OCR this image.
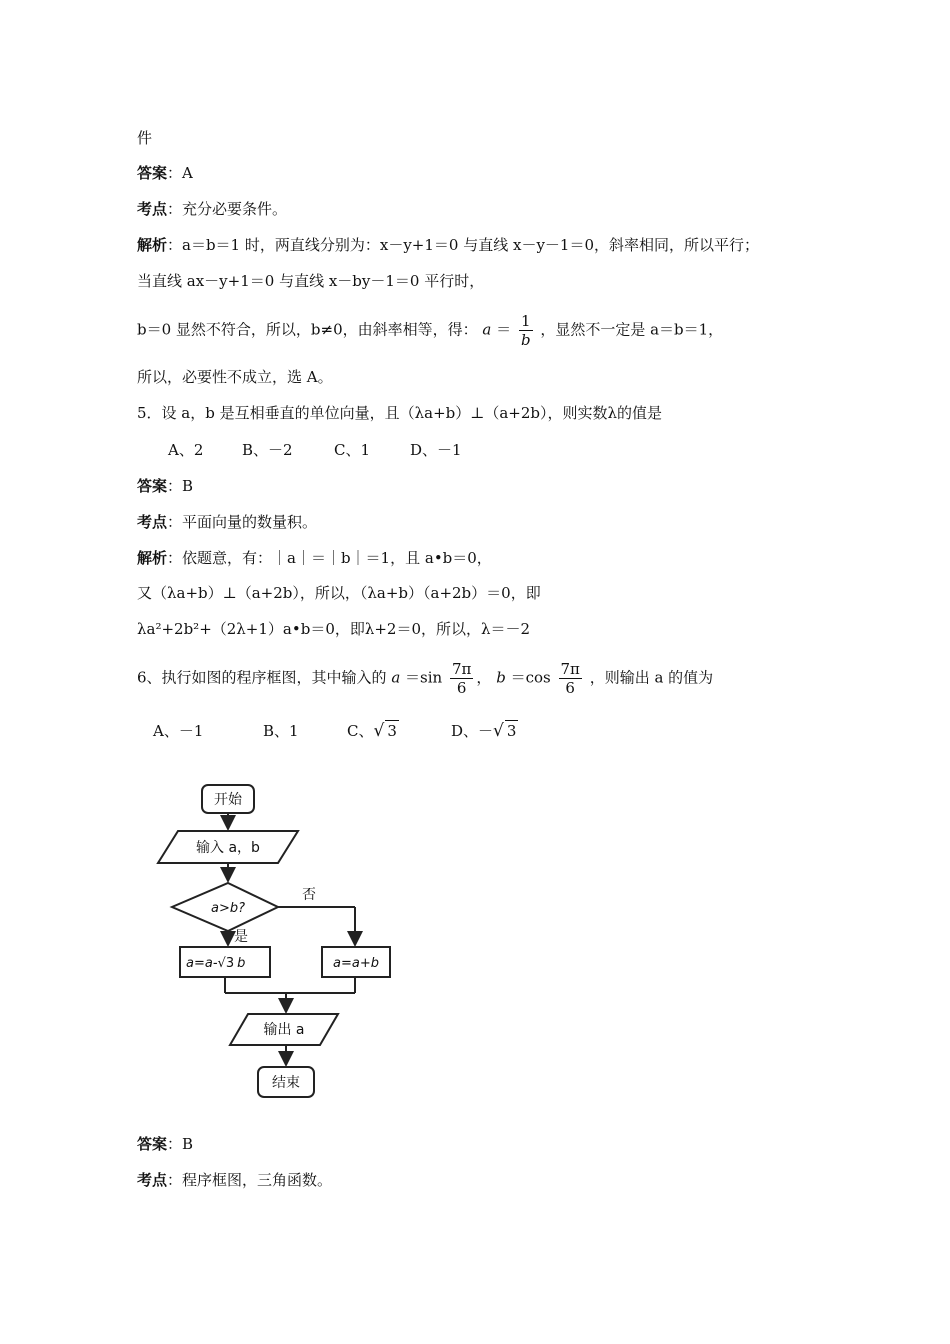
件
答案：A
考点：充分必要条件。
解析：a＝b＝1 时，两直线分别为：x－y+1＝0 与直线 x－y－1＝0，斜率相同，所以平行；
当直线 ax－y+1＝0 与直线 x－by－1＝0 平行时，
b＝0 显然不符合，所以，b≠0，由斜率相等，得： $a = \frac{1}{b}$ ，显然不一定是 a＝b＝1，
所以，必要性不成立，选 A。
5．设 a，b 是互相垂直的单位向量，且（λa+b）⊥（a+2b），则实数λ的值是
A、2	B、－2	C、1	D、－1
答案：B
考点：平面向量的数量积。
解析：依题意，有：｜a｜＝｜b｜＝1，且 a•b＝0，
又（λa+b）⊥（a+2b），所以，（λa+b）（a+2b）＝0，即
λa²+2b²+（2λ+1）a•b＝0，即λ+2＝0，所以，λ＝－2
6、执行如图的程序框图，其中输入的 $a =\sin \frac{7\pi}{6}$ ， $b =\cos \frac{7\pi}{6}$ ，则输出 a 的值为
A、－1	B、1	C、√ 3	D、－√ 3
开始
输入 a，b
a>b?
否
是
a=a-√3 b	a=a+b
输出 a
结束
答案：B
考点：程序框图，三角函数。
